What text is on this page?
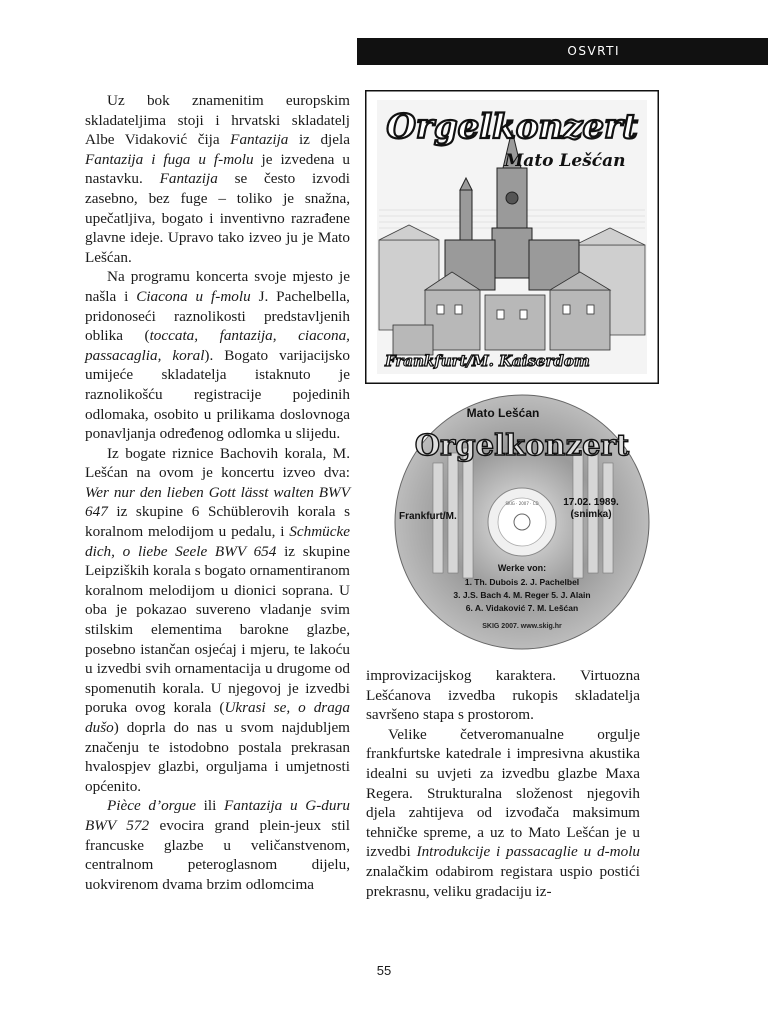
OSVRTI

Uz bok znamenitim europskim skladateljima stoji i hrvatski skladatelj Albe Vidaković čija Fantazija iz djela Fantazija i fuga u f-molu je izvedena u nastavku. Fantazija se često izvodi zasebno, bez fuge – toliko je snažna, upečatljiva, bogato i inventivno razrađene glavne ideje. Upravo tako izveo ju je Mato Lešćan.

Na programu koncerta svoje mjesto je našla i Ciacona u f-molu J. Pachelbella, pridonoseći raznolikosti predstavljenih oblika (toccata, fantazija, ciacona, passacaglia, koral). Bogato varijacijsko umijeće skladatelja istaknuto je raznolikošću registracije pojedinih odlomaka, osobito u prilikama doslovnoga ponavljanja određenog odlomka u slijedu.

Iz bogate riznice Bachovih korala, M. Lešćan na ovom je koncertu izveo dva: Wer nur den lieben Gott lässt walten BWV 647 iz skupine 6 Schüblerovih korala s koralnom melodijom u pedalu, i Schmücke dich, o liebe Seele BWV 654 iz skupine Leipziških korala s bogato ornamentiranom koralnom melodijom u dionici soprana. U oba je pokazao suvereno vladanje svim stilskim elementima barokne glazbe, posebno istančan osjećaj i mjeru, te lakoću u izvedbi svih ornamentacija u drugome od spomenutih korala. U njegovoj je izvedbi poruka ovog korala (Ukrasi se, o draga dušo) doprla do nas u svom najdubljem značenju te istodobno postala prekrasan hvalospjev glazbi, orguljama i umjetnosti općenito.

Pièce d’orgue ili Fantazija u G-duru BWV 572 evocira grand plein-jeux stil francuske glazbe u veličanstvenom, centralnom peteroglasnom dijelu, uokvirenom dvama brzim odlomcima

Orgelkonzert
Mato Lešćan
Frankfurt/M. Kaiserdom
SKIG · 2007 · CD
Mato Lešćan
Orgelkonzert
Frankfurt/M.
17.02. 1989.
(snimka)
Werke von:
1. Th. Dubois 2. J. Pachelbel
3. J.S. Bach 4. M. Reger 5. J. Alain
6. A. Vidaković 7. M. Lešćan
SKIG 2007. www.skig.hr

improvizacijskog karaktera. Virtuozna Lešćanova izvedba rukopis skladatelja savršeno stapa s prostorom.

Velike četveromanualne orgulje frankfurtske katedrale i impresivna akustika idealni su uvjeti za izvedbu glazbe Maxa Regera. Strukturalna složenost njegovih djela zahtijeva od izvođača maksimum tehničke spreme, a uz to Mato Lešćan je u izvedbi Introdukcije i passacaglie u d-molu znalačkim odabirom registara uspio postići prekrasnu, veliku gradaciju iz-

55
